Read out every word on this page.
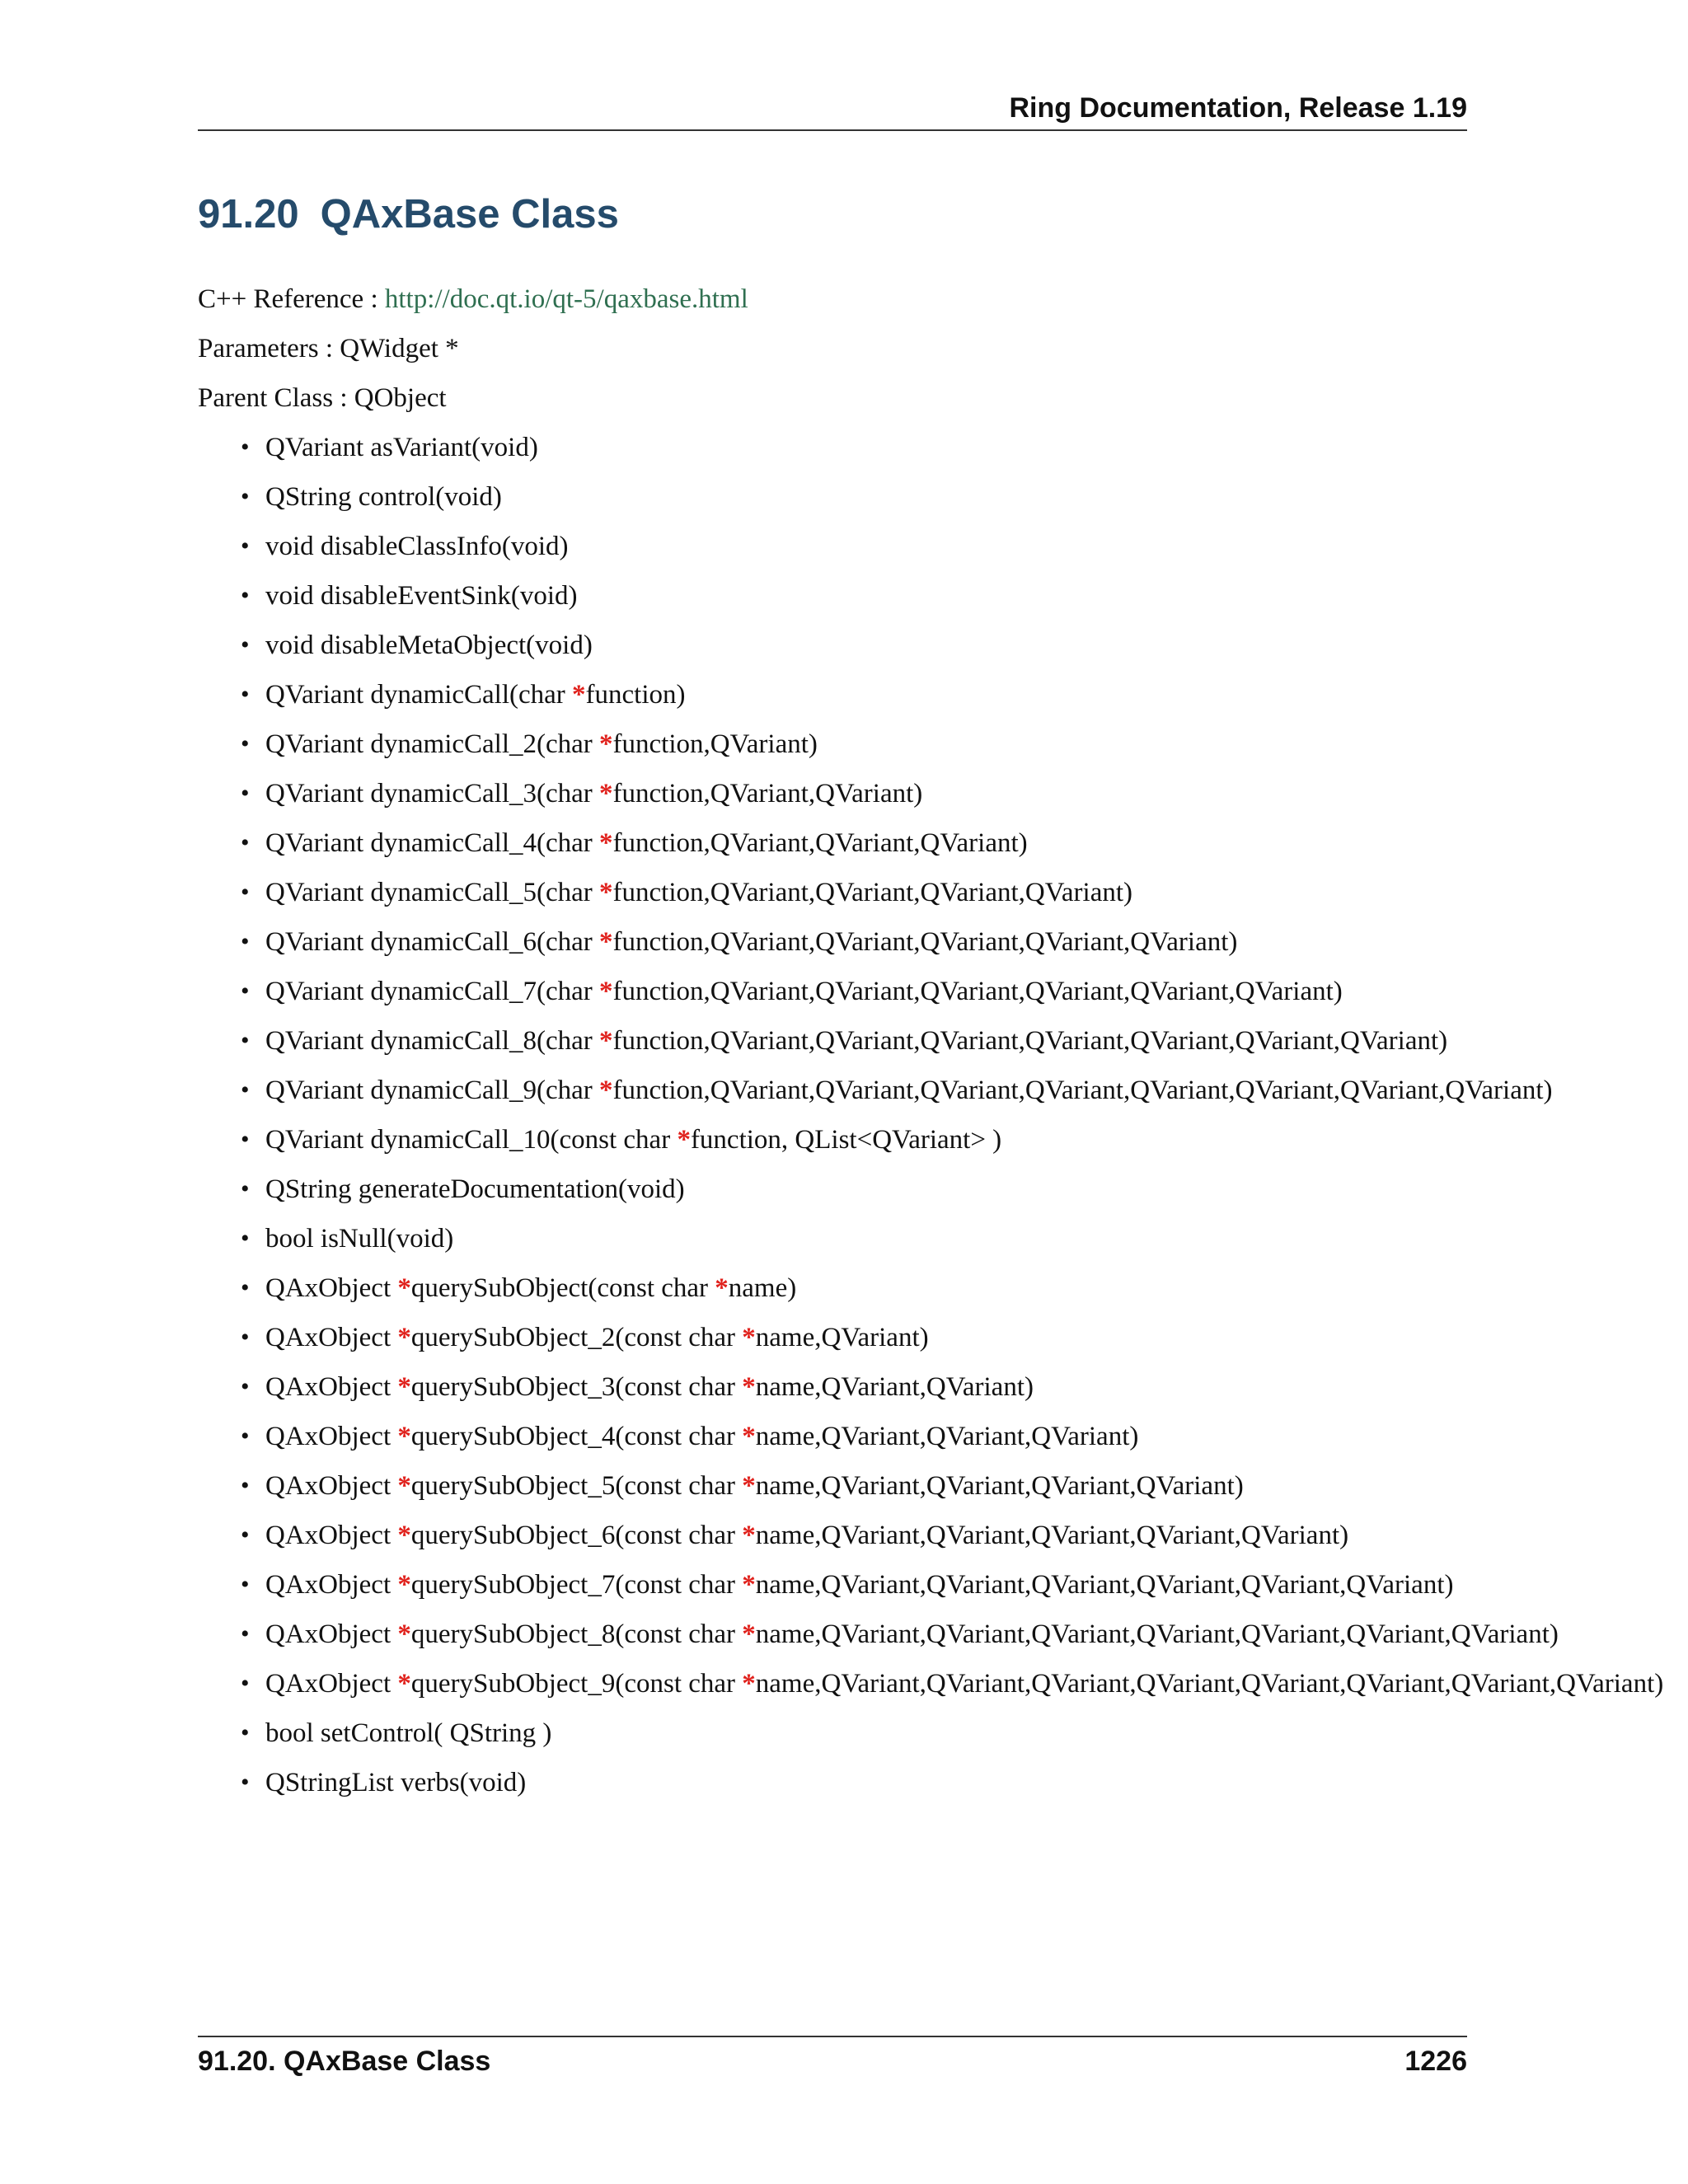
Ring Documentation, Release 1.19
91.20 QAxBase Class
C++ Reference : http://doc.qt.io/qt-5/qaxbase.html
Parameters : QWidget *
Parent Class : QObject
• QVariant asVariant(void)
• QString control(void)
• void disableClassInfo(void)
• void disableEventSink(void)
• void disableMetaObject(void)
• QVariant dynamicCall(char *function)
• QVariant dynamicCall_2(char *function,QVariant)
• QVariant dynamicCall_3(char *function,QVariant,QVariant)
• QVariant dynamicCall_4(char *function,QVariant,QVariant,QVariant)
• QVariant dynamicCall_5(char *function,QVariant,QVariant,QVariant,QVariant)
• QVariant dynamicCall_6(char *function,QVariant,QVariant,QVariant,QVariant,QVariant)
• QVariant dynamicCall_7(char *function,QVariant,QVariant,QVariant,QVariant,QVariant,QVariant)
• QVariant dynamicCall_8(char *function,QVariant,QVariant,QVariant,QVariant,QVariant,QVariant,QVariant)
• QVariant dynamicCall_9(char *function,QVariant,QVariant,QVariant,QVariant,QVariant,QVariant,QVariant,QVariant)
• QVariant dynamicCall_10(const char *function, QList<QVariant> )
• QString generateDocumentation(void)
• bool isNull(void)
• QAxObject *querySubObject(const char *name)
• QAxObject *querySubObject_2(const char *name,QVariant)
• QAxObject *querySubObject_3(const char *name,QVariant,QVariant)
• QAxObject *querySubObject_4(const char *name,QVariant,QVariant,QVariant)
• QAxObject *querySubObject_5(const char *name,QVariant,QVariant,QVariant,QVariant)
• QAxObject *querySubObject_6(const char *name,QVariant,QVariant,QVariant,QVariant,QVariant)
• QAxObject *querySubObject_7(const char *name,QVariant,QVariant,QVariant,QVariant,QVariant,QVariant)
• QAxObject *querySubObject_8(const char *name,QVariant,QVariant,QVariant,QVariant,QVariant,QVariant,QVariant)
• QAxObject *querySubObject_9(const char *name,QVariant,QVariant,QVariant,QVariant,QVariant,QVariant,QVariant,QVariant)
• bool setControl( QString )
• QStringList verbs(void)
91.20. QAxBase Class	1226
